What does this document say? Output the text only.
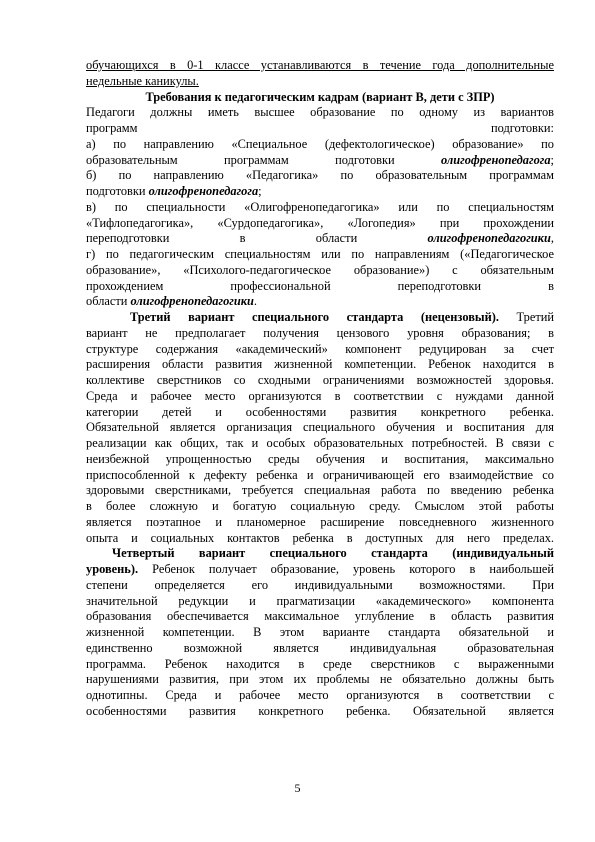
обучающихся в 0-1 классе устанавливаются в течение года дополнительные
недельные каникулы.
Требования к педагогическим кадрам (вариант В, дети с ЗПР)
Педагоги должны иметь высшее образование по одному из вариантов
программ	подготовки:
а) по направлению «Специальное (дефектологическое) образование» по
образовательным	программам	подготовки	олигофренопедагога;
б) по направлению «Педагогика» по образовательным программам
подготовки олигофренопедагога;
в) по специальности «Олигофренопедагогика» или по специальностям
«Тифлопедагогика», «Сурдопедагогика», «Логопедия» при прохождении
переподготовки	в	области	олигофренопедагогики,
г) по педагогическим специальностям или по направлениям («Педагогическое
образование», «Психолого-педагогическое образование») с обязательным
прохождением	профессиональной	переподготовки	в
области олигофренопедагогики.
Третий вариант специального стандарта (нецензовый). Третий
вариант не предполагает получения цензового уровня образования; в
структуре содержания «академический» компонент редуцирован за счет
расширения области развития жизненной компетенции. Ребенок находится в
коллективе сверстников со сходными ограничениями возможностей здоровья.
Среда и рабочее место организуются в соответствии с нуждами данной
категории детей и особенностями развития конкретного ребенка.
Обязательной является организация специального обучения и воспитания для
реализации как общих, так и особых образовательных потребностей. В связи с
неизбежной упрощенностью среды обучения и воспитания, максимально
приспособленной к дефекту ребенка и ограничивающей его взаимодействие со
здоровыми сверстниками, требуется специальная работа по введению ребенка
в более сложную и богатую социальную среду. Смыслом этой работы
является поэтапное и планомерное расширение повседневного жизненного
опыта и социальных контактов ребенка в доступных для него пределах.
Четвертый вариант специального стандарта (индивидуальный
уровень). Ребенок получает образование, уровень которого в наибольшей
степени определяется его индивидуальными возможностями. При
значительной редукции и прагматизации «академического» компонента
образования обеспечивается максимальное углубление в область развития
жизненной компетенции. В этом варианте стандарта обязательной и
единственно возможной является индивидуальная образовательная
программа. Ребенок находится в среде сверстников с выраженными
нарушениями развития, при этом их проблемы не обязательно должны быть
однотипны. Среда и рабочее место организуются в соответствии с
особенностями развития конкретного ребенка. Обязательной является
5
